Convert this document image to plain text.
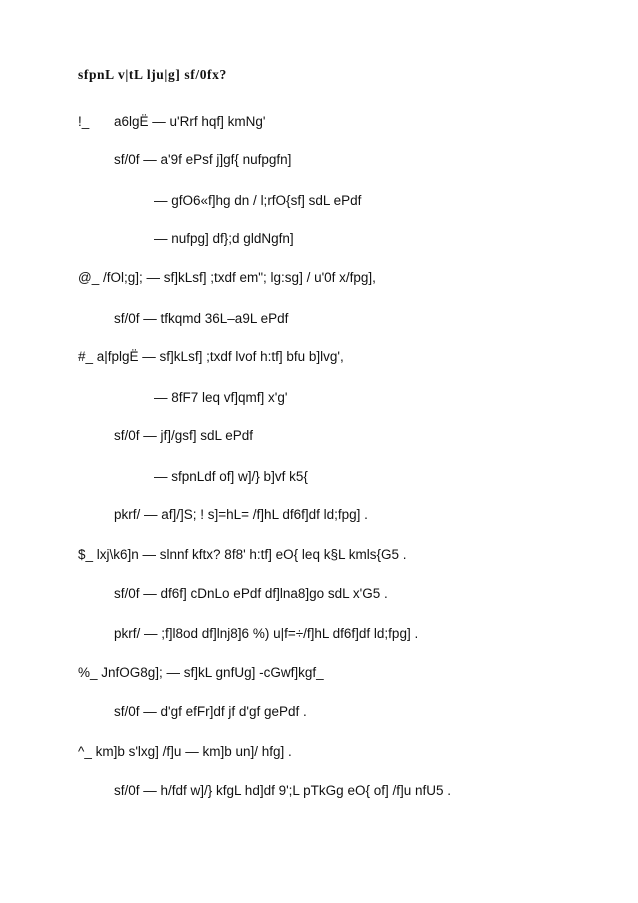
sfpnL v|tL lju|g] sf/0fx?
!_ a6lgË — u'Rrf hqf] kmNg'
sf/0f — a'9f ePsf j]gf{ nufpgfn]
— gfO6«f]hg dn / l;rfO{sf] sdL ePdf
— nufpg] df};d gldNgfn]
@_ /fOl;g]; — sf]kLsf] ;txdf em"; lg:sg] / u'0f x/fpg],
sf/0f — tfkqmd 36L–a9L ePdf
#_ a|fplgË — sf]kLsf] ;txdf lvof h:tf] bfu b]lvg',
— 8fF7 leq vf]qmf] x'g'
sf/0f — jf]/gsf] sdL ePdf
— sfpnLdf of] w]/} b]vf k5{
pkrf/ — af]/]S; ! s]=hL= /f]hL df6f]df ld;fpg] .
$_ lxj\k6]n — slnnf kftx? 8f8' h:tf] eO{ leq k§L kmls{G5 .
sf/0f — df6f] cDnLo ePdf df]lna8]go sdL x'G5 .
pkrf/ — ;f]l8od df]lnj8]6 %) u|f=÷/f]hL df6f]df ld;fpg] .
%_ JnfOG8g]; — sf]kL gnfUg] -cGwf]kgf_
sf/0f — d'gf efFr]df jf d'gf gePdf .
^_ km]b s'lxg] /f]u — km]b un]/ hfg] .
sf/0f — h/fdf w]/} kfgL hd]df 9';L pTkGg eO{ of] /f]u nfU5 .
